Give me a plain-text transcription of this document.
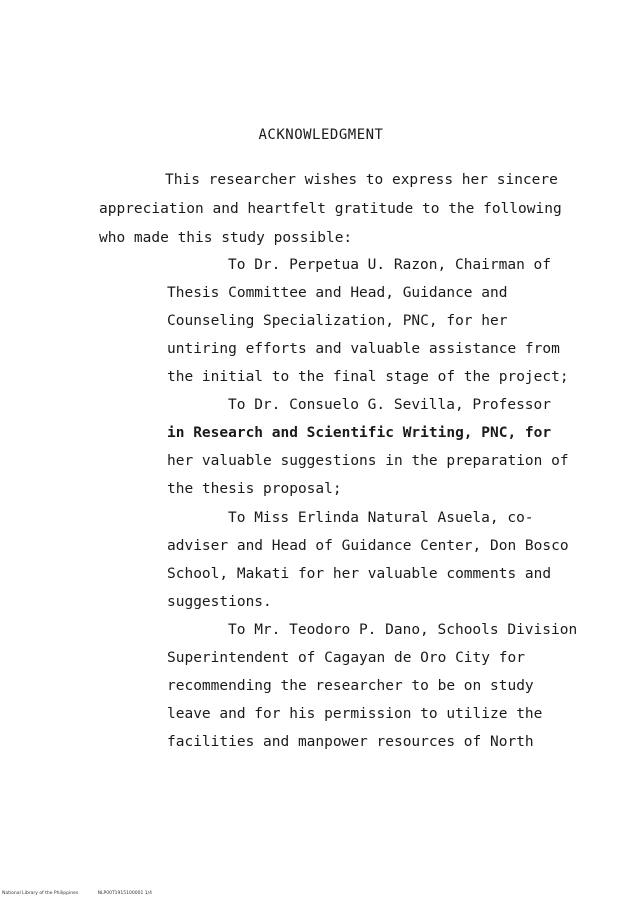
ACKNOWLEDGMENT
This researcher wishes to express her sincere
appreciation and heartfelt gratitude to the following
who made this study possible:
To Dr. Perpetua U. Razon, Chairman of
Thesis Committee and Head, Guidance and
Counseling Specialization, PNC, for her
untiring efforts and valuable assistance from
the initial to the final stage of the project;
To Dr. Consuelo G. Sevilla, Professor
in Research and Scientific Writing, PNC, for
her valuable suggestions in the preparation of
the thesis proposal;
To Miss Erlinda Natural Asuela, co-
adviser and Head of Guidance Center, Don Bosco
School, Makati for her valuable comments and
suggestions.
To Mr. Teodoro P. Dano, Schools Division
Superintendent of Cagayan de Oro City for
recommending the researcher to be on study
leave and for his permission to utilize the
facilities and manpower resources of North
National Library of the Philippines	NLP00T1915100001 1/4
